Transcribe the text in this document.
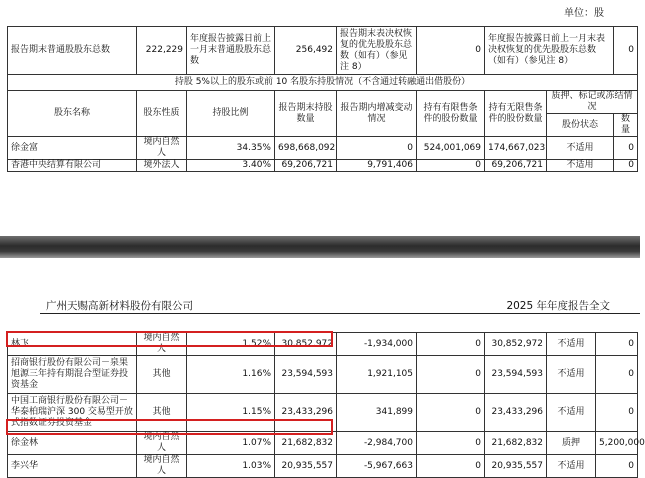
单位：股
报告期末普通股股东总数	222,229	年度报告披露日前上一月末普通股股东总数	256,492	报告期末表决权恢复的优先股股东总数（如有）（参见注 8）	0	年度报告披露日前上一月末表决权恢复的优先股股东总数（如有）（参见注 8）		0
持股 5%以上的股东或前 10 名股东持股情况（不含通过转融通出借股份）								
股东名称	股东性质	持股比例	报告期末持股数量	报告期内增减变动情况	持有有限售条件的股份数量	持有无限售条件的股份数量	质押、标记或冻结情况	
							股份状态	数量
徐金富	境内自然人	34.35%	698,668,092	0	524,001,069	174,667,023	不适用	0
香港中央结算有限公司	境外法人	3.40%	69,206,721	9,791,406	0	69,206,721	不适用	0
广州天赐高新材料股份有限公司	2025 年年度报告全文
林飞	境内自然人	1.52%	30,852,972	-1,934,000	0	30,852,972	不适用	0
招商银行股份有限公司－泉果旭源三年持有期混合型证券投资基金	其他	1.16%	23,594,593	1,921,105	0	23,594,593	不适用	0
中国工商银行股份有限公司－华泰柏瑞沪深 300 交易型开放式指数证券投资基金	其他	1.15%	23,433,296	341,899	0	23,433,296	不适用	0
徐金林	境内自然人	1.07%	21,682,832	-2,984,700	0	21,682,832	质押	5,200,000
李兴华	境内自然人	1.03%	20,935,557	-5,967,663	0	20,935,557	不适用	0
